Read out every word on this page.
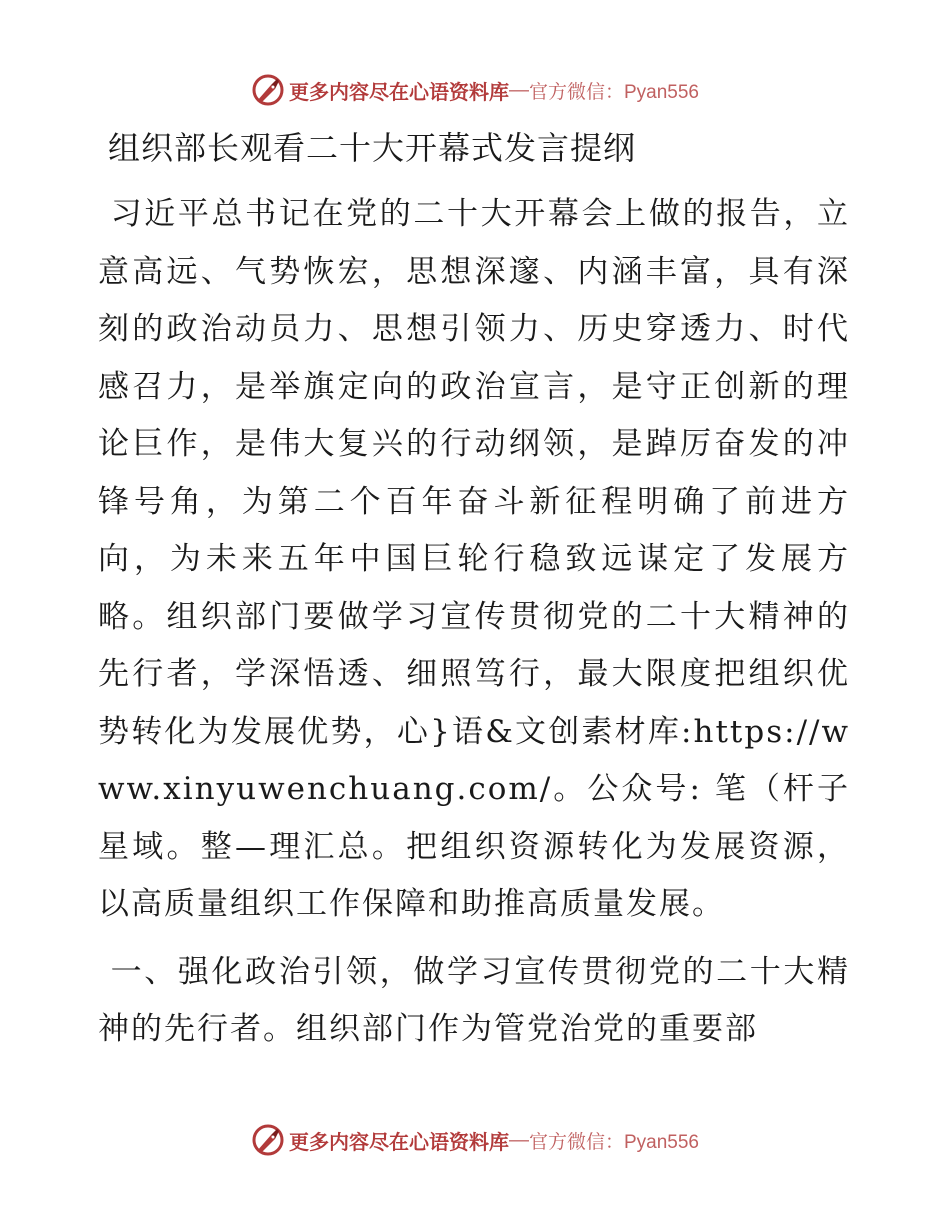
更多内容尽在心语资料库 — 官方微信：Pyan556
组织部长观看二十大开幕式发言提纲

习近平总书记在党的二十大开幕会上做的报告，立意高远、气势恢宏，思想深邃、内涵丰富，具有深刻的政治动员力、思想引领力、历史穿透力、时代感召力，是举旗定向的政治宣言，是守正创新的理论巨作，是伟大复兴的行动纲领，是踔厉奋发的冲锋号角，为第二个百年奋斗新征程明确了前进方向，为未来五年中国巨轮行稳致远谋定了发展方略。组织部门要做学习宣传贯彻党的二十大精神的先行者，学深悟透、细照笃行，最大限度把组织优势转化为发展优势，心}语&文创素材库:https://www.xinyuwenchuang.com/。公众号: 笔（杆子星域。整—理汇总。把组织资源转化为发展资源，以高质量组织工作保障和助推高质量发展。

一、强化政治引领，做学习宣传贯彻党的二十大精神的先行者。组织部门作为管党治党的重要部

更多内容尽在心语资料库 — 官方微信：Pyan556
